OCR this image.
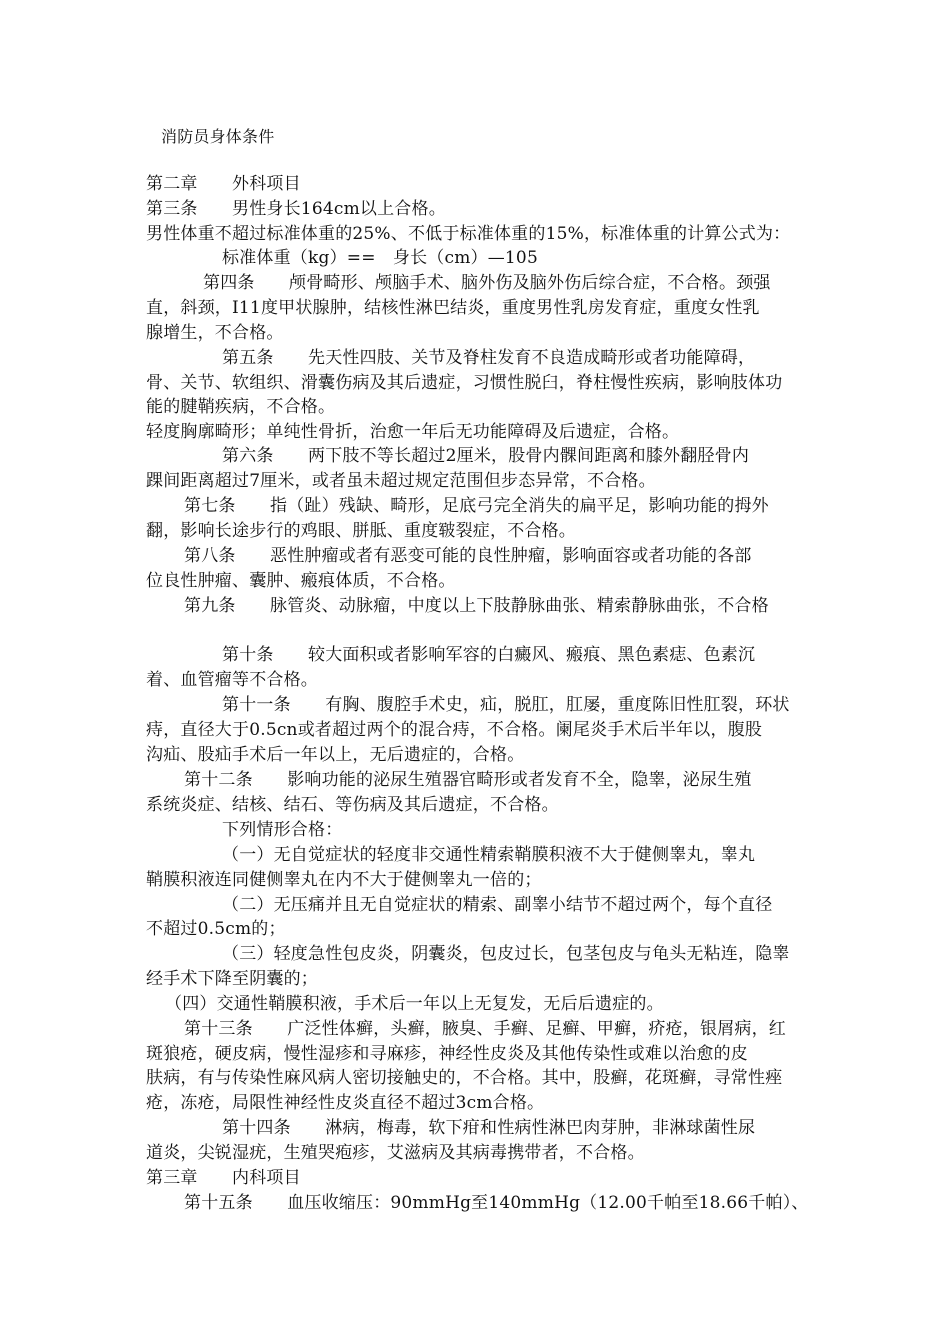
消防员身体条件
第二章　　外科项目
第三条　　男性身长164cm以上合格。
男性体重不超过标准体重的25%、不低于标准体重的15%，标准体重的计算公式为：
标准体重（kg）==　身长（cm）—105
第四条　　颅骨畸形、颅脑手术、脑外伤及脑外伤后综合症，不合格。颈强
直，斜颈，I11度甲状腺肿，结核性淋巴结炎，重度男性乳房发育症，重度女性乳
腺增生，不合格。
第五条　　先天性四肢、关节及脊柱发育不良造成畸形或者功能障碍，
骨、关节、软组织、滑囊伤病及其后遗症，习惯性脱臼，脊柱慢性疾病，影响肢体功
能的腱鞘疾病，不合格。
轻度胸廓畸形；单纯性骨折，治愈一年后无功能障碍及后遗症，合格。
第六条　　两下肢不等长超过2厘米，股骨内髁间距离和膝外翻胫骨内
踝间距离超过7厘米，或者虽未超过规定范围但步态异常，不合格。
第七条　　指（趾）残缺、畸形，足底弓完全消失的扁平足，影响功能的拇外
翻，影响长途步行的鸡眼、胼胝、重度皲裂症，不合格。
第八条　　恶性肿瘤或者有恶变可能的良性肿瘤，影响面容或者功能的各部
位良性肿瘤、囊肿、瘢痕体质，不合格。
第九条　　脉管炎、动脉瘤，中度以上下肢静脉曲张、精索静脉曲张，不合格
第十条　　较大面积或者影响军容的白癜风、瘢痕、黑色素痣、色素沉
着、血管瘤等不合格。
第十一条　　有胸、腹腔手术史，疝，脱肛，肛屡，重度陈旧性肛裂，环状
痔，直径大于0.5cn或者超过两个的混合痔，不合格。阑尾炎手术后半年以，腹股
沟疝、股疝手术后一年以上，无后遗症的，合格。
第十二条　　影响功能的泌尿生殖器官畸形或者发育不全，隐睾，泌尿生殖
系统炎症、结核、结石、等伤病及其后遗症，不合格。
下列情形合格：
（一）无自觉症状的轻度非交通性精索鞘膜积液不大于健侧睾丸，睾丸
鞘膜积液连同健侧睾丸在内不大于健侧睾丸一倍的；
（二）无压痛并且无自觉症状的精索、副睾小结节不超过两个，每个直径
不超过0.5cm的；
（三）轻度急性包皮炎，阴囊炎，包皮过长，包茎包皮与龟头无粘连，隐睾
经手术下降至阴囊的；
（四）交通性鞘膜积液，手术后一年以上无复发，无后后遗症的。
第十三条　　广泛性体癣，头癣，腋臭、手癣、足癣、甲癣，疥疮，银屑病，红
斑狼疮，硬皮病，慢性湿疹和寻麻疹，神经性皮炎及其他传染性或难以治愈的皮
肤病，有与传染性麻风病人密切接触史的，不合格。其中，股癣，花斑癣，寻常性痤
疮，冻疮，局限性神经性皮炎直径不超过3cm合格。
第十四条　　淋病，梅毒，软下疳和性病性淋巴肉芽肿，非淋球菌性尿
道炎，尖锐湿疣，生殖哭疱疹，艾滋病及其病毒携带者，不合格。
第三章　　内科项目
第十五条　　血压收缩压：90mmHg至140mmHg（12.00千帕至18.66千帕）、
